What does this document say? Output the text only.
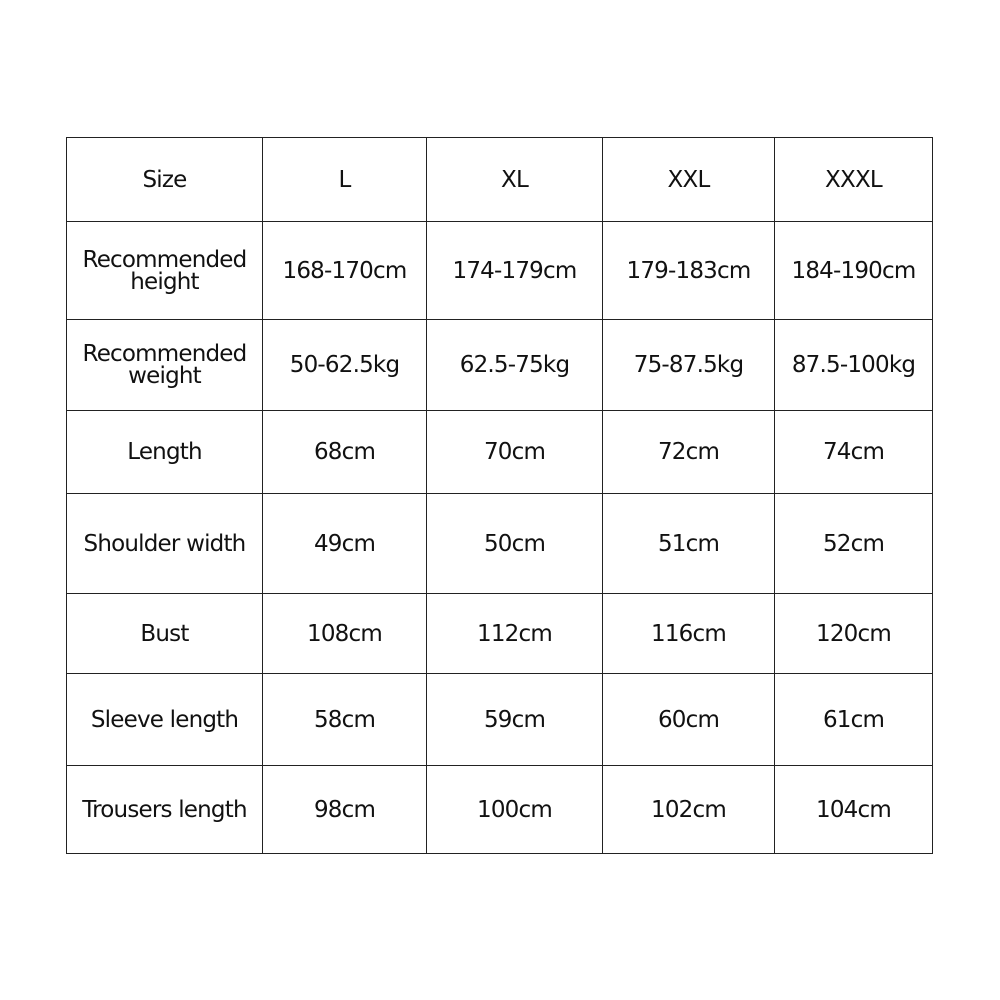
Size	L	XL	XXL	XXXL
Recommended height	168-170cm	174-179cm	179-183cm	184-190cm
Recommended weight	50-62.5kg	62.5-75kg	75-87.5kg	87.5-100kg
Length	68cm	70cm	72cm	74cm
Shoulder width	49cm	50cm	51cm	52cm
Bust	108cm	112cm	116cm	120cm
Sleeve length	58cm	59cm	60cm	61cm
Trousers length	98cm	100cm	102cm	104cm
